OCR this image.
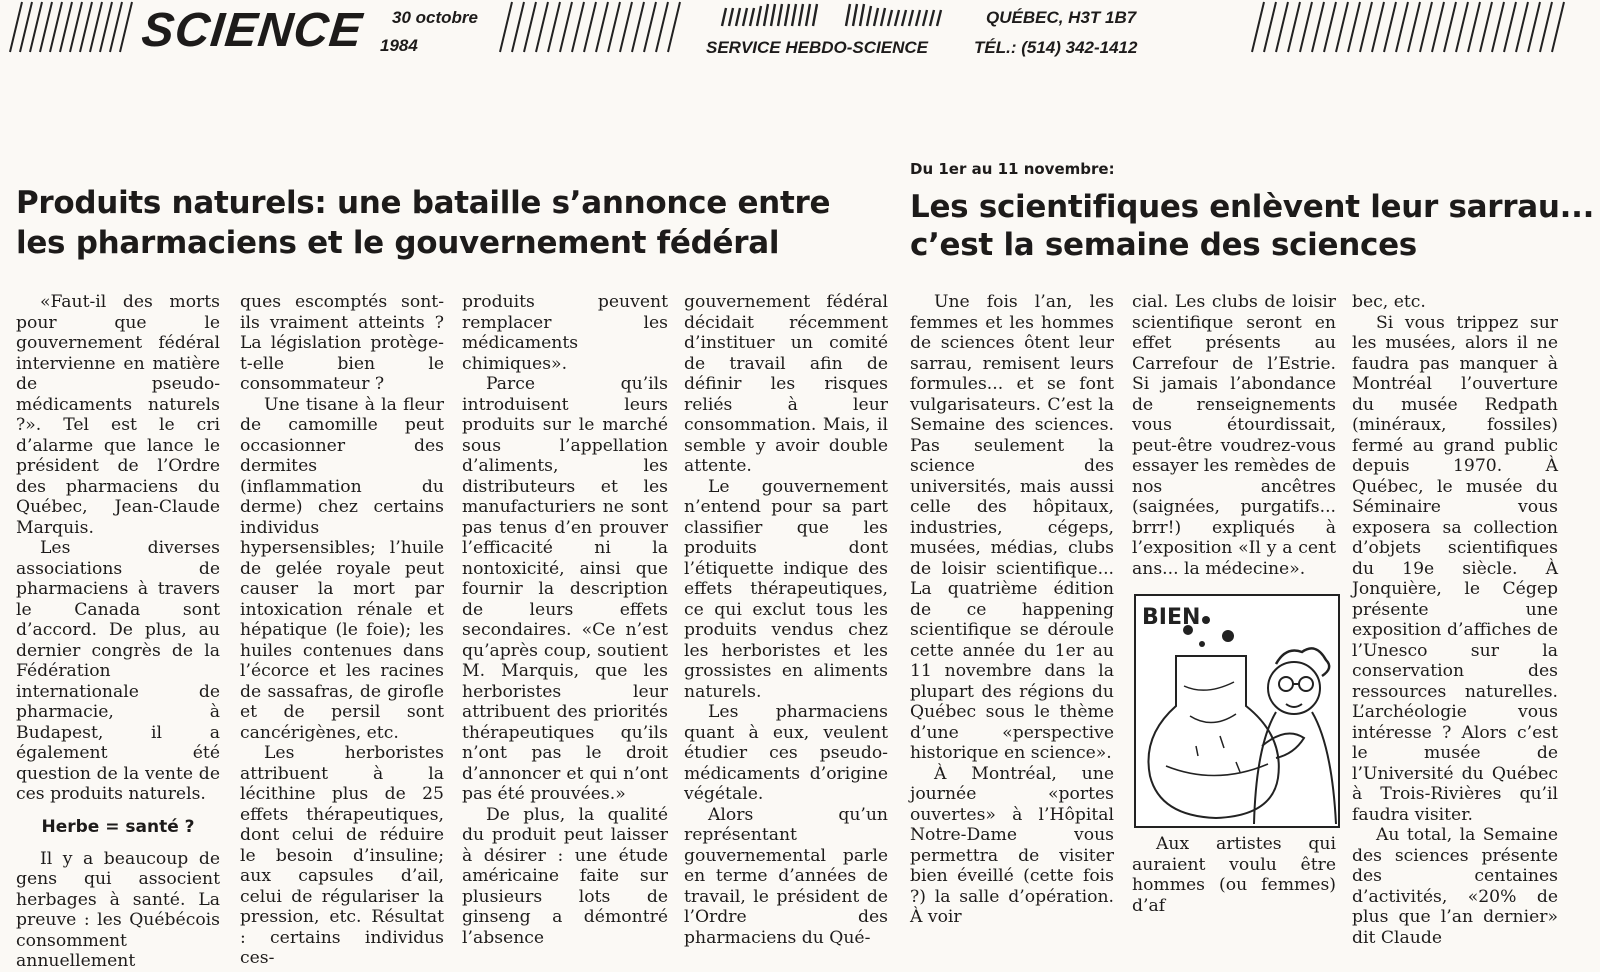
SCIENCE 30 octobre
1984	SERVICE HEBDO-SCIENCE
QUÉBEC, H3T 1B7
TÉL.: (514) 342-1412
Produits naturels: une bataille s’annonce entre
les pharmaciens et le gouvernement fédéral

«Faut-il des morts pour que le gouvernement fédéral intervienne en matière de pseudo-médicaments naturels ?». Tel est le cri d’alarme que lance le président de l’Ordre des pharmaciens du Québec, Jean-Claude Marquis.

Les diverses associations de pharmaciens à travers le Canada sont d’accord. De plus, au dernier congrès de la Fédération internationale de pharmacie, à Budapest, il a également été question de la vente de ces produits naturels.

Herbe = santé ?

Il y a beaucoup de gens qui associent herbages à santé. La preuve : les Québécois consomment annuellement

ques escomptés sont-ils vraiment atteints ? La législation protège-t-elle bien le consommateur ?

Une tisane à la fleur de camomille peut occasionner des dermites (inflammation du derme) chez certains individus hypersensibles; l’huile de gelée royale peut causer la mort par intoxication rénale et hépatique (le foie); les huiles contenues dans l’écorce et les racines de sassafras, de girofle et de persil sont cancérigènes, etc.

Les herboristes attribuent à la lécithine plus de 25 effets thérapeutiques, dont celui de réduire le besoin d’insuline; aux capsules d’ail, celui de régulariser la pression, etc. Résultat : certains individus ces-

produits peuvent remplacer les médicaments chimiques».

Parce qu’ils introduisent leurs produits sur le marché sous l’appellation d’aliments, les distributeurs et les manufacturiers ne sont pas tenus d’en prouver l’efficacité ni la nontoxicité, ainsi que fournir la description de leurs effets secondaires. «Ce n’est qu’après coup, soutient M. Marquis, que les herboristes leur attribuent des priorités thérapeutiques qu’ils n’ont pas le droit d’annoncer et qui n’ont pas été prouvées.»

De plus, la qualité du produit peut laisser à désirer : une étude américaine faite sur plusieurs lots de ginseng a démontré l’absence

gouvernement fédéral décidait récemment d’instituer un comité de travail afin de définir les risques reliés à leur consommation. Mais, il semble y avoir double attente.

Le gouvernement n’entend pour sa part classifier que les produits dont l’étiquette indique des effets thérapeutiques, ce qui exclut tous les produits vendus chez les herboristes et les grossistes en aliments naturels.

Les pharmaciens quant à eux, veulent étudier ces pseudo-médicaments d’origine végétale.

Alors qu’un représentant gouvernemental parle en terme d’années de travail, le président de l’Ordre des pharmaciens du Qué-

Du 1er au 11 novembre:
Les scientifiques enlèvent leur sarrau...
c’est la semaine des sciences

Une fois l’an, les femmes et les hommes de sciences ôtent leur sarrau, remisent leurs formules... et se font vulgarisateurs. C’est la Semaine des sciences. Pas seulement la science des universités, mais aussi celle des hôpitaux, industries, cégeps, musées, médias, clubs de loisir scientifique... La quatrième édition de ce happening scientifique se déroule cette année du 1er au 11 novembre dans la plupart des régions du Québec sous le thème d’une «perspective historique en science».

À Montréal, une journée «portes ouvertes» à l’Hôpital Notre-Dame vous permettra de visiter bien éveillé (cette fois ?) la salle d’opération. À voir

cial. Les clubs de loisir scientifique seront en effet présents au Carrefour de l’Estrie. Si jamais l’abondance de renseignements vous étourdissait, peut-être voudrez-vous essayer les remèdes de nos ancêtres (saignées, purgatifs... brrr!) expliqués à l’exposition «Il y a cent ans... la médecine».

BIEN

Aux artistes qui auraient voulu être hommes (ou femmes) d’af

bec, etc.

Si vous trippez sur les musées, alors il ne faudra pas manquer à Montréal l’ouverture du musée Redpath (minéraux, fossiles) fermé au grand public depuis 1970. À Québec, le musée du Séminaire vous exposera sa collection d’objets scientifiques du 19e siècle. À Jonquière, le Cégep présente une exposition d’affiches de l’Unesco sur la conservation des ressources naturelles. L’archéologie vous intéresse ? Alors c’est le musée de l’Université du Québec à Trois-Rivières qu’il faudra visiter.

Au total, la Semaine des sciences présente des centaines d’activités, «20% de plus que l’an dernier» dit Claude
